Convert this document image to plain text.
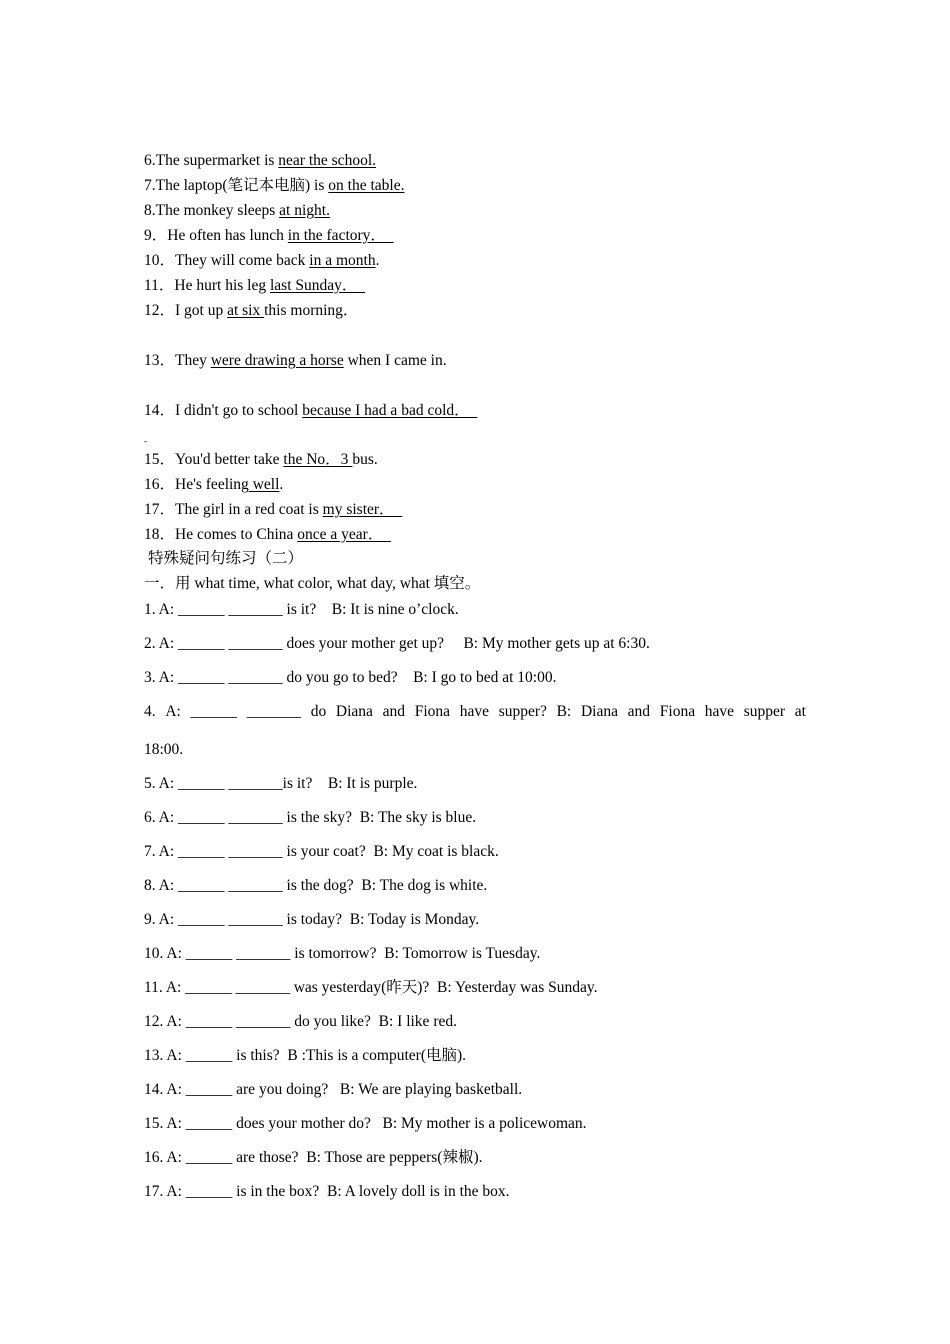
6.The supermarket is near the school.
7.The laptop(笔记本电脑) is on the table.
8.The monkey sleeps at night.
9．He often has lunch in the factory．
10．They will come back in a month.
11．He hurt his leg last Sunday．
12．I got up at six this morning．
13．They were drawing a horse when I came in.
14．I didn't go to school because I had a bad cold．
-
15．You'd better take the No．3 bus.
16．He's feeling well.
17．The girl in a red coat is my sister．
18．He comes to China once a year．
特殊疑问句练习（二）
一．用 what time, what color, what day, what 填空。
1. A: ______ _______ is it?    B: It is nine o’clock.
2. A: ______ _______ does your mother get up?     B: My mother gets up at 6:30.
3. A: ______ _______ do you go to bed?    B: I go to bed at 10:00.
4. A: ______ _______ do Diana and Fiona have supper? B: Diana and Fiona have supper at
18:00.
5. A: ______ _______is it?    B: It is purple.
6. A: ______ _______ is the sky?  B: The sky is blue.
7. A: ______ _______ is your coat?  B: My coat is black.
8. A: ______ _______ is the dog?  B: The dog is white.
9. A: ______ _______ is today?  B: Today is Monday.
10. A: ______ _______ is tomorrow?  B: Tomorrow is Tuesday.
11. A: ______ _______ was yesterday(昨天)?  B: Yesterday was Sunday.
12. A: ______ _______ do you like?  B: I like red.
13. A: ______ is this?  B :This is a computer(电脑).
14. A: ______ are you doing?   B: We are playing basketball.
15. A: ______ does your mother do?   B: My mother is a policewoman.
16. A: ______ are those?  B: Those are peppers(辣椒).
17. A: ______ is in the box?  B: A lovely doll is in the box.
